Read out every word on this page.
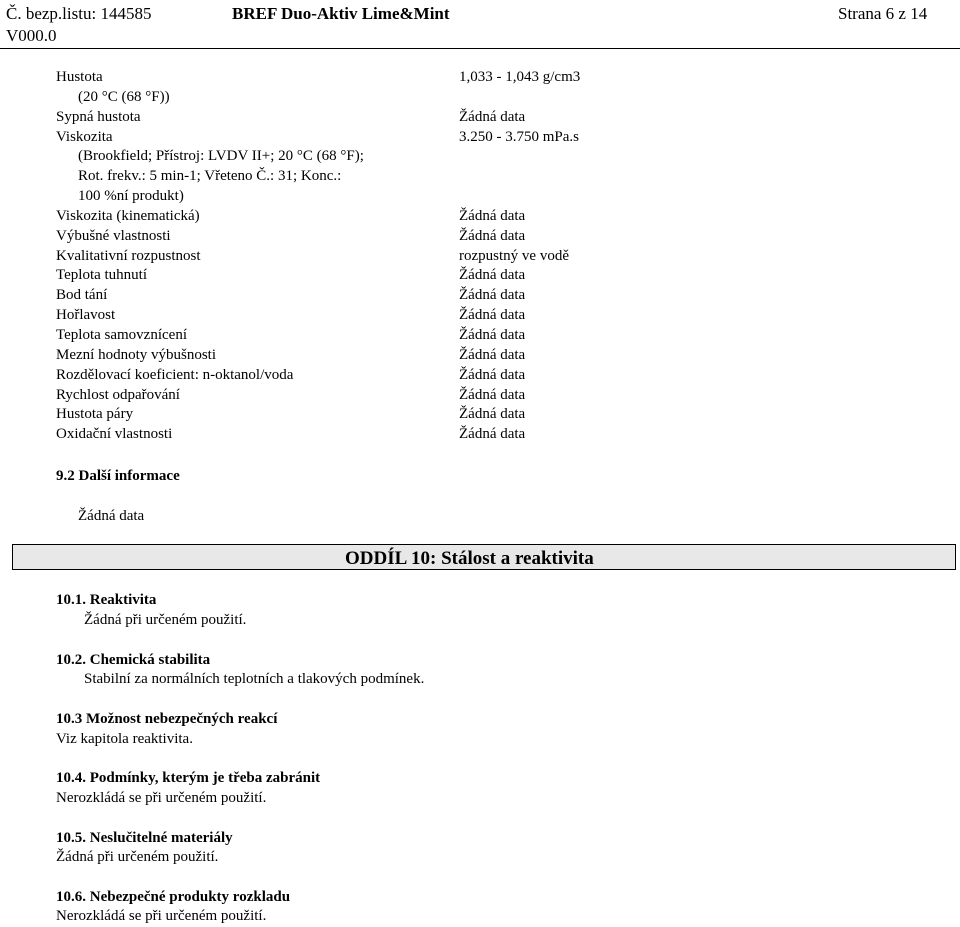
Č. bezp.listu: 144585
V000.0
BREF Duo-Aktiv Lime&Mint	Strana 6 z 14
Hustota	1,033 - 1,043 g/cm3
(20 °C (68 °F))	
Sypná hustota	Žádná data
Viskozita	3.250 - 3.750 mPa.s
(Brookfield; Přístroj: LVDV II+; 20 °C (68 °F);	
Rot. frekv.: 5 min-1; Vřeteno Č.: 31; Konc.:	
100 %ní produkt)	
Viskozita (kinematická)	Žádná data
Výbušné vlastnosti	Žádná data
Kvalitativní rozpustnost	rozpustný ve vodě
Teplota tuhnutí	Žádná data
Bod tání	Žádná data
Hořlavost	Žádná data
Teplota samovznícení	Žádná data
Mezní hodnoty výbušnosti	Žádná data
Rozdělovací koeficient: n-oktanol/voda	Žádná data
Rychlost odpařování	Žádná data
Hustota páry	Žádná data
Oxidační vlastnosti	Žádná data
9.2 Další informace
Žádná data
ODDÍL 10: Stálost a reaktivita
10.1. Reaktivita
Žádná při určeném použití.
10.2. Chemická stabilita
Stabilní za normálních teplotních a tlakových podmínek.
10.3 Možnost nebezpečných reakcí
Viz kapitola reaktivita.
10.4. Podmínky, kterým je třeba zabránit
Nerozkládá se při určeném použití.
10.5. Neslučitelné materiály
Žádná při určeném použití.
10.6. Nebezpečné produkty rozkladu
Nerozkládá se při určeném použití.
